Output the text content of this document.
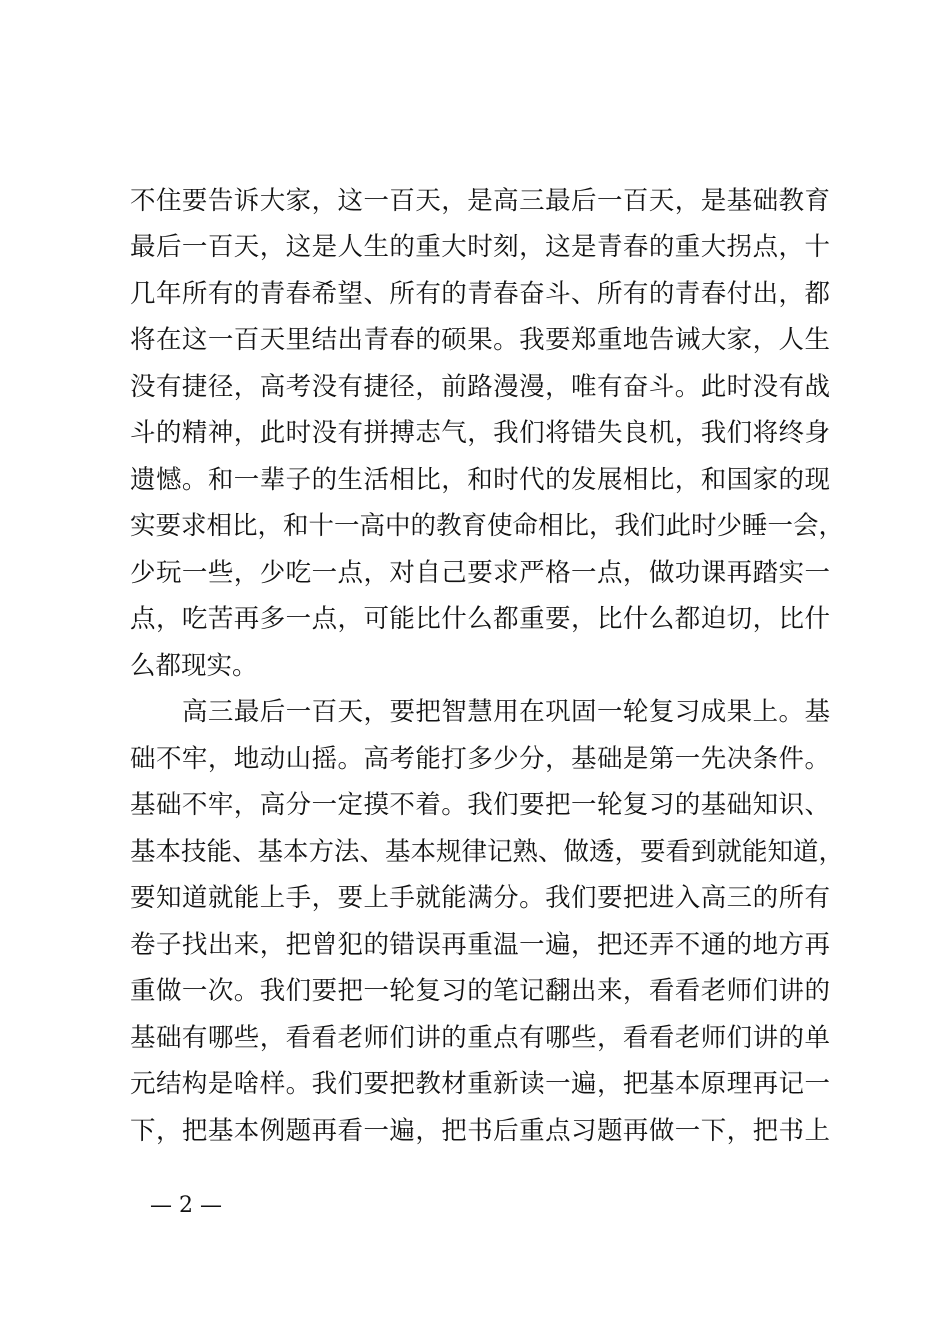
不住要告诉大家，这一百天，是高三最后一百天，是基础教育
最后一百天，这是人生的重大时刻，这是青春的重大拐点，十
几年所有的青春希望、所有的青春奋斗、所有的青春付出，都
将在这一百天里结出青春的硕果。我要郑重地告诫大家，人生
没有捷径，高考没有捷径，前路漫漫，唯有奋斗。此时没有战
斗的精神，此时没有拼搏志气，我们将错失良机，我们将终身
遗憾。和一辈子的生活相比，和时代的发展相比，和国家的现
实要求相比，和十一高中的教育使命相比，我们此时少睡一会，
少玩一些，少吃一点，对自己要求严格一点，做功课再踏实一
点，吃苦再多一点，可能比什么都重要，比什么都迫切，比什
么都现实。
高三最后一百天，要把智慧用在巩固一轮复习成果上。基
础不牢，地动山摇。高考能打多少分，基础是第一先决条件。
基础不牢，高分一定摸不着。我们要把一轮复习的基础知识、
基本技能、基本方法、基本规律记熟、做透，要看到就能知道，
要知道就能上手，要上手就能满分。我们要把进入高三的所有
卷子找出来，把曾犯的错误再重温一遍，把还弄不通的地方再
重做一次。我们要把一轮复习的笔记翻出来，看看老师们讲的
基础有哪些，看看老师们讲的重点有哪些，看看老师们讲的单
元结构是啥样。我们要把教材重新读一遍，把基本原理再记一
下，把基本例题再看一遍，把书后重点习题再做一下，把书上
— 2 —
